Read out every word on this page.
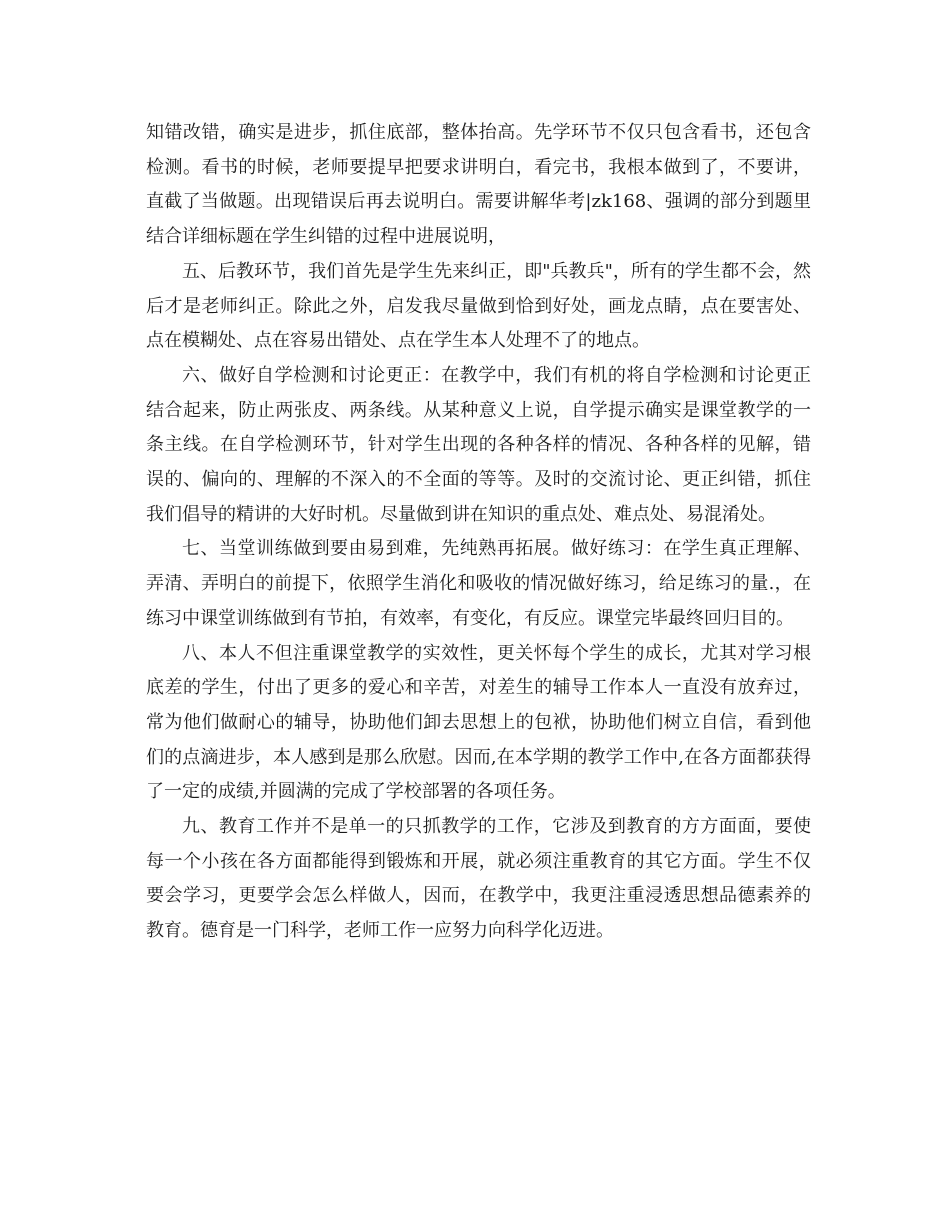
知错改错，确实是进步，抓住底部，整体抬高。先学环节不仅只包含看书，还包含检测。看书的时候，老师要提早把要求讲明白，看完书，我根本做到了，不要讲，直截了当做题。出现错误后再去说明白。需要讲解华考|zk168、强调的部分到题里结合详细标题在学生纠错的过程中进展说明，

五、后教环节，我们首先是学生先来纠正，即"兵教兵"，所有的学生都不会，然后才是老师纠正。除此之外，启发我尽量做到恰到好处，画龙点睛，点在要害处、点在模糊处、点在容易出错处、点在学生本人处理不了的地点。

六、做好自学检测和讨论更正：在教学中，我们有机的将自学检测和讨论更正结合起来，防止两张皮、两条线。从某种意义上说，自学提示确实是课堂教学的一条主线。在自学检测环节，针对学生出现的各种各样的情况、各种各样的见解，错误的、偏向的、理解的不深入的不全面的等等。及时的交流讨论、更正纠错，抓住我们倡导的精讲的大好时机。尽量做到讲在知识的重点处、难点处、易混淆处。

七、当堂训练做到要由易到难，先纯熟再拓展。做好练习：在学生真正理解、弄清、弄明白的前提下，依照学生消化和吸收的情况做好练习，给足练习的量.，在练习中课堂训练做到有节拍，有效率，有变化，有反应。课堂完毕最终回归目的。

八、本人不但注重课堂教学的实效性，更关怀每个学生的成长，尤其对学习根底差的学生，付出了更多的爱心和辛苦，对差生的辅导工作本人一直没有放弃过，常为他们做耐心的辅导，协助他们卸去思想上的包袱，协助他们树立自信，看到他们的点滴进步，本人感到是那么欣慰。因而,在本学期的教学工作中,在各方面都获得了一定的成绩,并圆满的完成了学校部署的各项任务。

九、教育工作并不是单一的只抓教学的工作，它涉及到教育的方方面面，要使每一个小孩在各方面都能得到锻炼和开展，就必须注重教育的其它方面。学生不仅要会学习，更要学会怎么样做人，因而，在教学中，我更注重浸透思想品德素养的教育。德育是一门科学，老师工作一应努力向科学化迈进。
